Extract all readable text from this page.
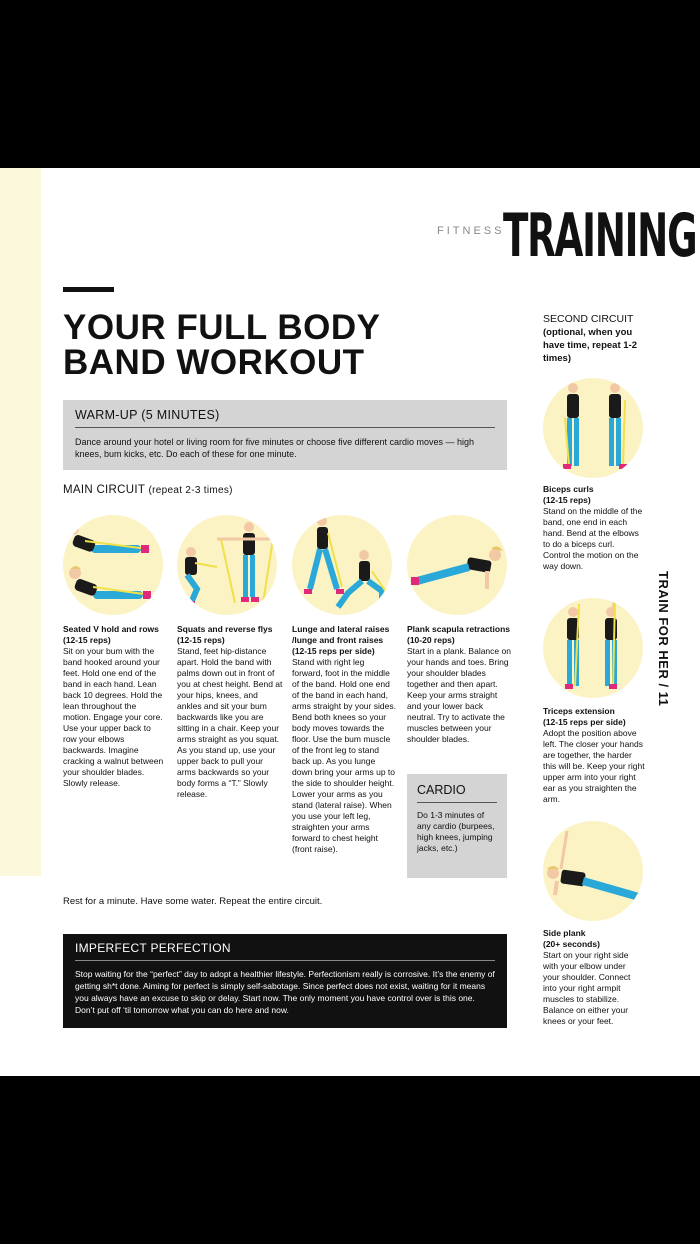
FITNESS
TRAINING
YOUR FULL BODY
BAND WORKOUT
WARM-UP (5 MINUTES)
Dance around your hotel or living room for five minutes or choose five different cardio moves — high knees, bum kicks, etc. Do each of these for one minute.
MAIN CIRCUIT (repeat 2-3 times)
Seated V hold and rows
(12-15 reps)
Sit on your bum with the band hooked around your feet. Hold one end of the band in each hand. Lean back 10 degrees. Hold the lean throughout the motion. Engage your core. Use your upper back to row your elbows backwards. Imagine cracking a walnut between your shoulder blades. Slowly release.
Squats and reverse flys
(12-15 reps)
Stand, feet hip-distance apart. Hold the band with palms down out in front of you at chest height. Bend at your hips, knees, and ankles and sit your bum backwards like you are sitting in a chair. Keep your arms straight as you squat. As you stand up, use your upper back to pull your arms backwards so your body forms a “T.” Slowly release.
Lunge and lateral raises /lunge and front raises
(12-15 reps per side)
Stand with right leg forward, foot in the middle of the band. Hold one end of the band in each hand, arms straight by your sides. Bend both knees so your body moves towards the floor. Use the bum muscle of the front leg to stand back up. As you lunge down bring your arms up to the side to shoulder height. Lower your arms as you stand (lateral raise). When you use your left leg, straighten your arms forward to chest height (front raise).
Plank scapula retractions
(10-20 reps)
Start in a plank. Balance on your hands and toes. Bring your shoulder blades together and then apart. Keep your arms straight and your lower back neutral. Try to activate the muscles between your shoulder blades.
CARDIO
Do 1-3 minutes of any cardio (burpees, high knees, jumping jacks, etc.)
Rest for a minute. Have some water. Repeat the entire circuit.
IMPERFECT PERFECTION
Stop waiting for the “perfect” day to adopt a healthier lifestyle. Perfectionism really is corrosive. It’s the enemy of getting sh*t done. Aiming for perfect is simply self-sabotage. Since perfect does not exist, waiting for it means you always have an excuse to skip or delay. Start now. The only moment you have control over is this one. Don’t put off ‘til tomorrow what you can do here and now.
SECOND CIRCUIT
(optional, when you have time, repeat 1-2 times)
Biceps curls
(12-15 reps)
Stand on the middle of the band, one end in each hand. Bend at the elbows to do a biceps curl. Control the motion on the way down.
Triceps extension
(12-15 reps per side)
Adopt the position above left. The closer your hands are together, the harder this will be. Keep your right upper arm into your right ear as you straighten the arm.
Side plank
(20+ seconds)
Start on your right side with your elbow under your shoulder. Connect into your right armpit muscles to stabilize. Balance on either your knees or your feet.
TRAIN FOR HER / 11
